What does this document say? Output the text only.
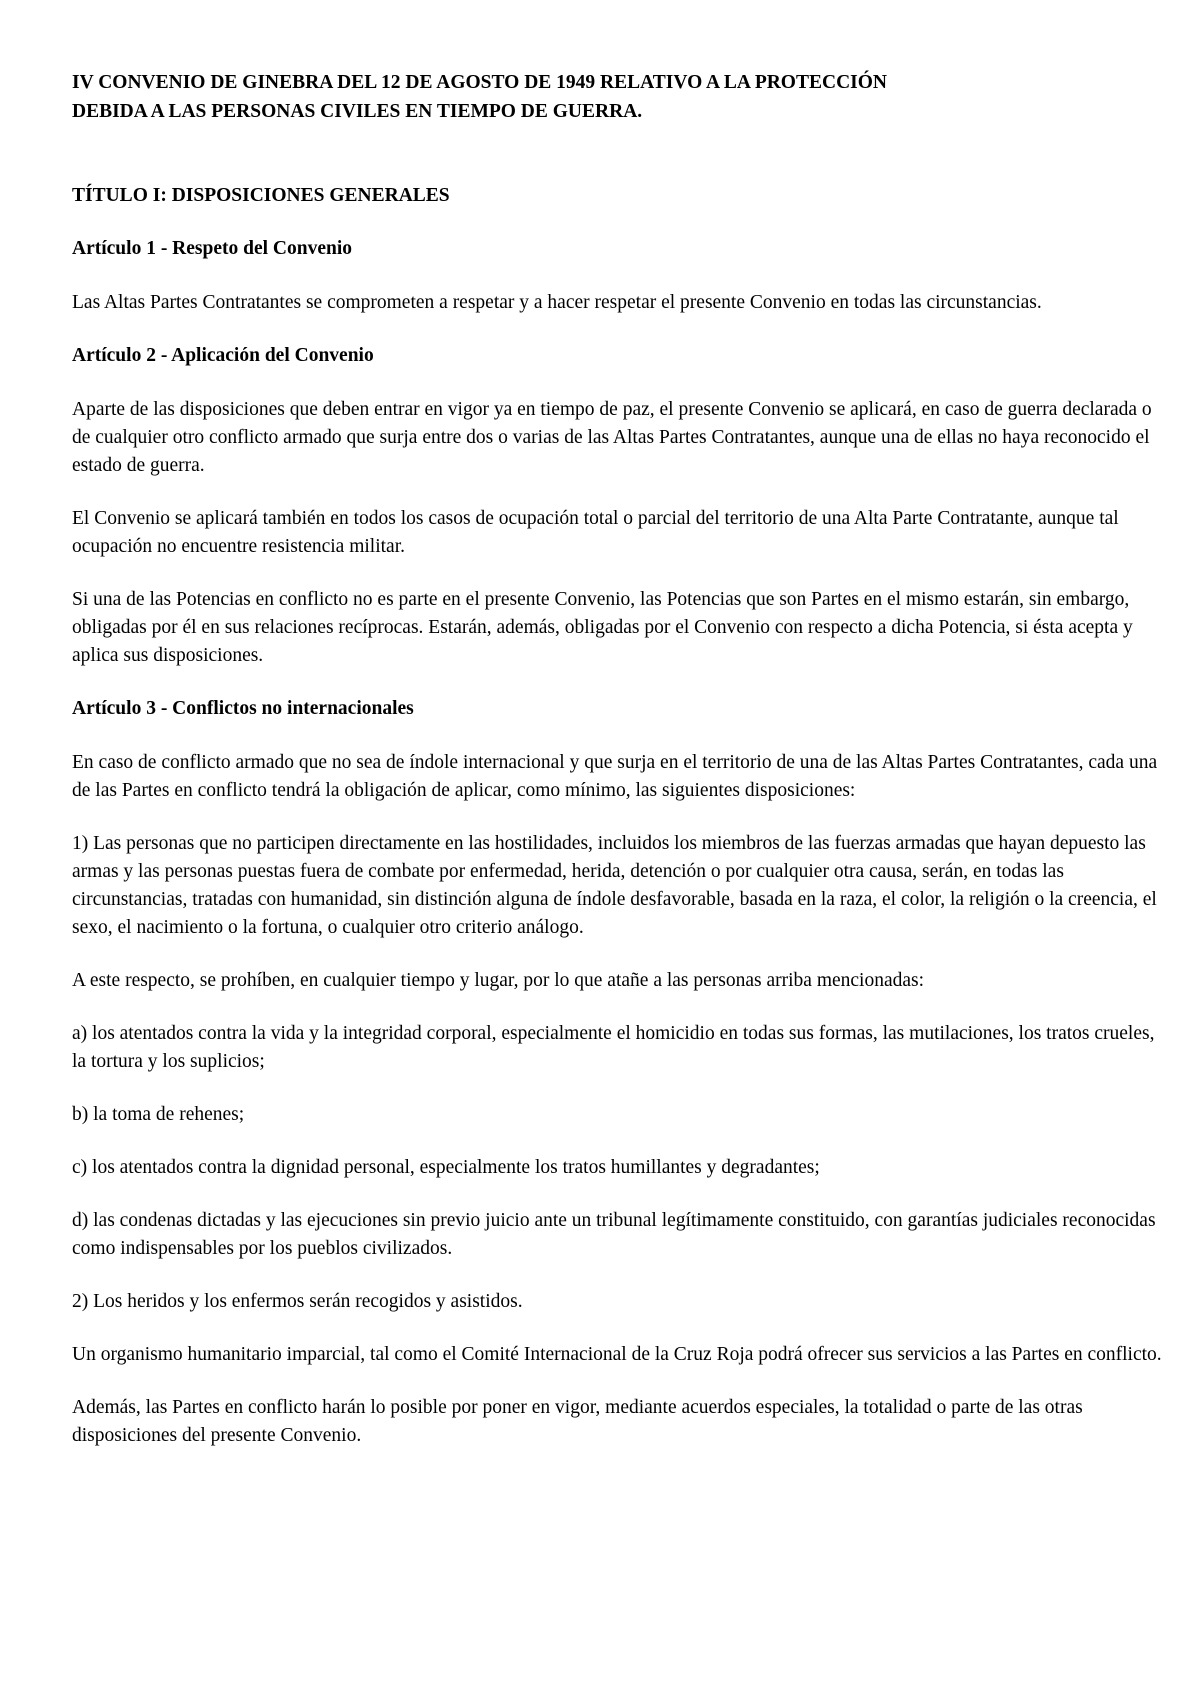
IV CONVENIO DE GINEBRA DEL 12 DE AGOSTO DE 1949 RELATIVO A LA PROTECCIÓN
DEBIDA A LAS PERSONAS CIVILES EN TIEMPO DE GUERRA.
TÍTULO I: DISPOSICIONES GENERALES
Artículo 1 - Respeto del Convenio

Las Altas Partes Contratantes se comprometen a respetar y a hacer respetar el presente Convenio en todas las circunstancias.

Artículo 2 - Aplicación del Convenio

Aparte de las disposiciones que deben entrar en vigor ya en tiempo de paz, el presente Convenio se aplicará, en caso de guerra declarada o de cualquier otro conflicto armado que surja entre dos o varias de las Altas Partes Contratantes, aunque una de ellas no haya reconocido el estado de guerra.

El Convenio se aplicará también en todos los casos de ocupación total o parcial del territorio de una Alta Parte Contratante, aunque tal ocupación no encuentre resistencia militar.

Si una de las Potencias en conflicto no es parte en el presente Convenio, las Potencias que son Partes en el mismo estarán, sin embargo, obligadas por él en sus relaciones recíprocas. Estarán, además, obligadas por el Convenio con respecto a dicha Potencia, si ésta acepta y aplica sus disposiciones.

Artículo 3 - Conflictos no internacionales

En caso de conflicto armado que no sea de índole internacional y que surja en el territorio de una de las Altas Partes Contratantes, cada una de las Partes en conflicto tendrá la obligación de aplicar, como mínimo, las siguientes disposiciones:

1) Las personas que no participen directamente en las hostilidades, incluidos los miembros de las fuerzas armadas que hayan depuesto las armas y las personas puestas fuera de combate por enfermedad, herida, detención o por cualquier otra causa, serán, en todas las circunstancias, tratadas con humanidad, sin distinción alguna de índole desfavorable, basada en la raza, el color, la religión o la creencia, el sexo, el nacimiento o la fortuna, o cualquier otro criterio análogo.

A este respecto, se prohíben, en cualquier tiempo y lugar, por lo que atañe a las personas arriba mencionadas:

a) los atentados contra la vida y la integridad corporal, especialmente el homicidio en todas sus formas, las mutilaciones, los tratos crueles, la tortura y los suplicios;

b) la toma de rehenes;

c) los atentados contra la dignidad personal, especialmente los tratos humillantes y degradantes;

d) las condenas dictadas y las ejecuciones sin previo juicio ante un tribunal legítimamente constituido, con garantías judiciales reconocidas como indispensables por los pueblos civilizados.

2) Los heridos y los enfermos serán recogidos y asistidos.

Un organismo humanitario imparcial, tal como el Comité Internacional de la Cruz Roja podrá ofrecer sus servicios a las Partes en conflicto.

Además, las Partes en conflicto harán lo posible por poner en vigor, mediante acuerdos especiales, la totalidad o parte de las otras disposiciones del presente Convenio.
